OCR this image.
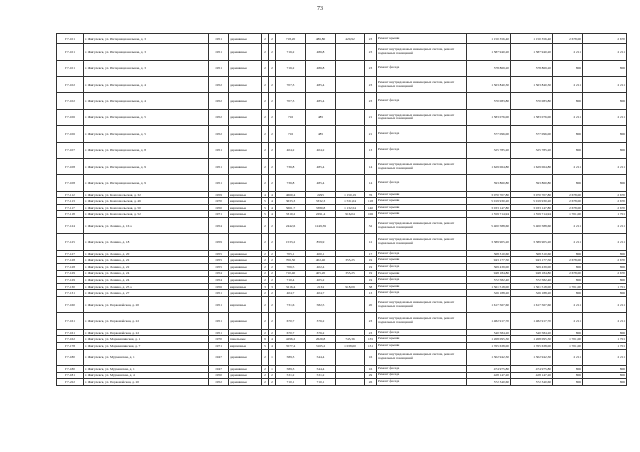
73
Г7-101	г. Жигулевск, ул. Интернациональная, д. 3	1951	деревянные	2	2	718,20	486,80	420,92	23	Ремонт крыши	1 150 356,40	1 150 356,40	2 678,00	2 670
Г7-101	г. Жигулевск, ул. Интернациональная, д. 3	1951	деревянные	2	2	716,2	486,8		23	Ремонт внутридомовых инженерных систем, ремонт подвальных помещений	1 587 940,20	1 587 940,20	2 211	2 211
Г7-101	г. Жигулевск, ул. Интернациональная, д. 3	1951	деревянные	2	2	716,2	486,8		23	Ремонт фасада	578 869,20	578 869,20	806	806
Г7-102	г. Жигулевск, ул. Интернациональная, д. 4	1952	деревянные	2	2	707,3	485,4		23	Ремонт внутридомовых инженерных систем, ремонт подвальных помещений	1 563 840,30	1 563 840,30	2 211	2 211
Г7-102	г. Жигулевск, ул. Интернациональная, д. 4	1952	деревянные	2	2	707,3	485,4		23	Ремонт фасада	570 083,80	570 083,80	806	806
Г7-106	г. Жигулевск, ул. Интернациональная, д. 5	1952	деревянные	2	2	716	485		21	Ремонт внутридомовых инженерных систем, ремонт подвальных помещений	1 583 076,00	1 583 076,00	2 211	2 211
Г7-106	г. Жигулевск, ул. Интернациональная, д. 5	1952	деревянные	2	2	716	485		21	Ремонт фасада	577 096,00	577 096,00	806	806
Г7-107	г. Жигулевск, ул. Интернациональная, д. 8	1951	деревянные	2	2	404,2	404,2		13	Ремонт фасада	325 785,20	325 785,20	806	806
Г7-108	г. Жигулевск, ул. Интернациональная, д. 9	1951	деревянные	2	2	736,8	485,4		14	Ремонт внутридомовых инженерных систем, ремонт подвальных помещений	1 629 064,80	1 629 064,80	2 211	2 211
Г7-108	г. Жигулевск, ул. Интернациональная, д. 9	1951	деревянные	2	2	736,8	485,4		14	Ремонт фасада	593 860,80	593 860,80	806	806
Г7-112	г. Жигулевск, ул. Комсомольская, д. 32	1959	кирпичные	4	4	4660,4	2295	1 150,19	76	Ремонт крыши	3 070 707,80	3 070 707,80	2 678,00	2 670
Г7-113	г. Жигулевск, ул. Комсомольская, д. 46	1970	кирпичные	5	4	3633,3	3332,3	1 531,04	118	Ремонт крыши	5 019 930,20	5 019 930,20	2 678,00	2 670
Г7-117	г. Жигулевск, ул. Комсомольская, д. 50	1950	кирпичные	5	4	5661,7	3380,8	1 132,54	140	Ремонт крыши	3 033 147,80	3 033 147,80	2 678,00	2 670
Г7-118	г. Жигулевск, ул. Комсомольская, д. 52	1971	кирпичные	5	4	3310,2	2291,4	916,04	106	Ремонт крыши	1 559 714,94	1 559 714,94	1 701,00	1 701
Г7-124	г. Жигулевск, ул. Ленина, д. 16 а	1954	кирпичные	2	2	2442,6	1249,39		32	Ремонт внутридомовых инженерных систем, ремонт подвальных помещений	5 400 588,60	5 400 588,60	2 211	2 211
Г7-125	г. Жигулевск, ул. Ленина, д. 18	1959	кирпичные	2	2	1533,2	859,9		12	Ремонт внутридомовых инженерных систем, ремонт подвальных помещений	3 389 905,20	3 389 905,20	2 211	2 211
Г7-127	г. Жигулевск, ул. Ленина, д. 20	1955	деревянные	2	2	705,1	400,1		17	Ремонт фасада	568 310,60	568 310,60	806	806
Г7-128	г. Жигулевск, ул. Ленина, д. 22	1955	деревянные	2	2	706,50	402,40	355,25	19	Ремонт крыши	943 177,50	943 177,50	2 678,00	2 670
Г7-128	г. Жигулевск, ул. Ленина, д. 22	1955	деревянные	2	2	706,5	402,4		19	Ремонт фасада	569 439,00	569 439,00	806	806
Г7-129	г. Жигулевск, ул. Ленина, д. 24	1954	деревянные	2	2	710,40	405,20	355,25	19	Ремонт крыши	948 184,80	948 184,80	2 678,00	2 670
Г7-129	г. Жигулевск, ул. Ленина, д. 24	1954	деревянные	2	2	710,4	405,2		19	Ремонт фасада	572 582,40	572 582,40	806	806
Г7-130	г. Жигулевск, ул. Ленина, д. 25 а	1956	кирпичные	3	3	3216,4	2134	918,09	58	Ремонт крыши	1 561 518,00	1 561 518,00	1 701,00	1 701
Г7-131	г. Жигулевск, ул. Ленина, д. 27	1951	деревянные	2	2	404,7	404,7		13	Ремонт фасада	326 188,20	326 188,20	806	806
Г7-160	г. Жигулевск, ул. Первомайская, д. 20	1951	кирпичные	2	2	731,6	582,5		20	Ремонт внутридомовых инженерных систем, ремонт подвальных помещений	1 617 567,60	1 617 567,60	2 211	2 211
Г7-161	г. Жигулевск, ул. Первомайская, д. 22	1951	деревянные	2	2	670,7	376,2		23	Ремонт внутридомовых инженерных систем, ремонт подвальных помещений	1 482 917,70	1 482 917,70	2 211	2 211
Г7-161	г. Жигулевск, ул. Первомайская, д. 22	1951	деревянные	2	2	670,7	376,2		23	Ремонт фасада	540 584,20	540 584,20	806	806
Г7-162	г. Жигулевск, ул. Морквашинская, д. 1	1970	панельные	9	4	4296,2	2629,8	745,36	135	Ремонт крыши	1 268 095,30	1 268 095,30	1 701,00	1 701
Г7-178	г. Жигулевск, ул. Морквашинская, д. 7	1971	кирпичные	5	4	3577,4	3165,2	1 038,00	131	Ремонт крыши	1 765 638,00	1 765 638,00	1 701,00	1 701
Г7-180	г. Жигулевск, ул. Мурманская, д. 1	1947	деревянные	2	1	589,3	544,4		16	Ремонт внутридомовых инженерных систем, ремонт подвальных помещений	1 302 942,30	1 302 942,30	2 211	2 211
Г7-180	г. Жигулевск, ул. Мурманская, д. 1	1947	деревянные	2	1	589,3	544,4		16	Ремонт фасада	474 975,80	474 975,80	806	806
Г7-181	г. Жигулевск, ул. Мурманская, д. 4	1950	деревянные	2	2	531,2	531,2		29	Ремонт фасада	428 147,20	428 147,20	806	806
Г7-222	г. Жигулевск, ул. Первомайская, д. 20	1952	деревянные	2	2	710,1	710,1		26	Ремонт фасада	572 340,60	572 340,60	806	806
